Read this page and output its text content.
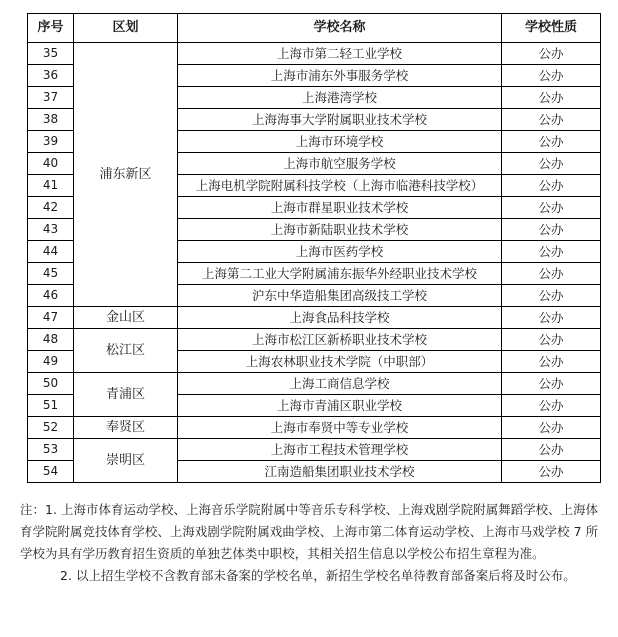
序号	区划	学校名称	学校性质
35	浦东新区	上海市第二轻工业学校	公办
36		上海市浦东外事服务学校	公办
37		上海港湾学校	公办
38		上海海事大学附属职业技术学校	公办
39		上海市环境学校	公办
40		上海市航空服务学校	公办
41		上海电机学院附属科技学校（上海市临港科技学校）	公办
42		上海市群星职业技术学校	公办
43		上海市新陆职业技术学校	公办
44		上海市医药学校	公办
45		上海第二工业大学附属浦东振华外经职业技术学校	公办
46		沪东中华造船集团高级技工学校	公办
47	金山区	上海食品科技学校	公办
48	松江区	上海市松江区新桥职业技术学校	公办
49		上海农林职业技术学院（中职部）	公办
50	青浦区	上海工商信息学校	公办
51		上海市青浦区职业学校	公办
52	奉贤区	上海市奉贤中等专业学校	公办
53	崇明区	上海市工程技术管理学校	公办
54		江南造船集团职业技术学校	公办

注：1. 上海市体育运动学校、上海音乐学院附属中等音乐专科学校、上海戏剧学院附属舞蹈学校、上海体育学院附属竞技体育学校、上海戏剧学院附属戏曲学校、上海市第二体育运动学校、上海市马戏学校 7 所学校为具有学历教育招生资质的单独艺体类中职校，其相关招生信息以学校公布招生章程为准。

2. 以上招生学校不含教育部未备案的学校名单，新招生学校名单待教育部备案后将及时公布。
